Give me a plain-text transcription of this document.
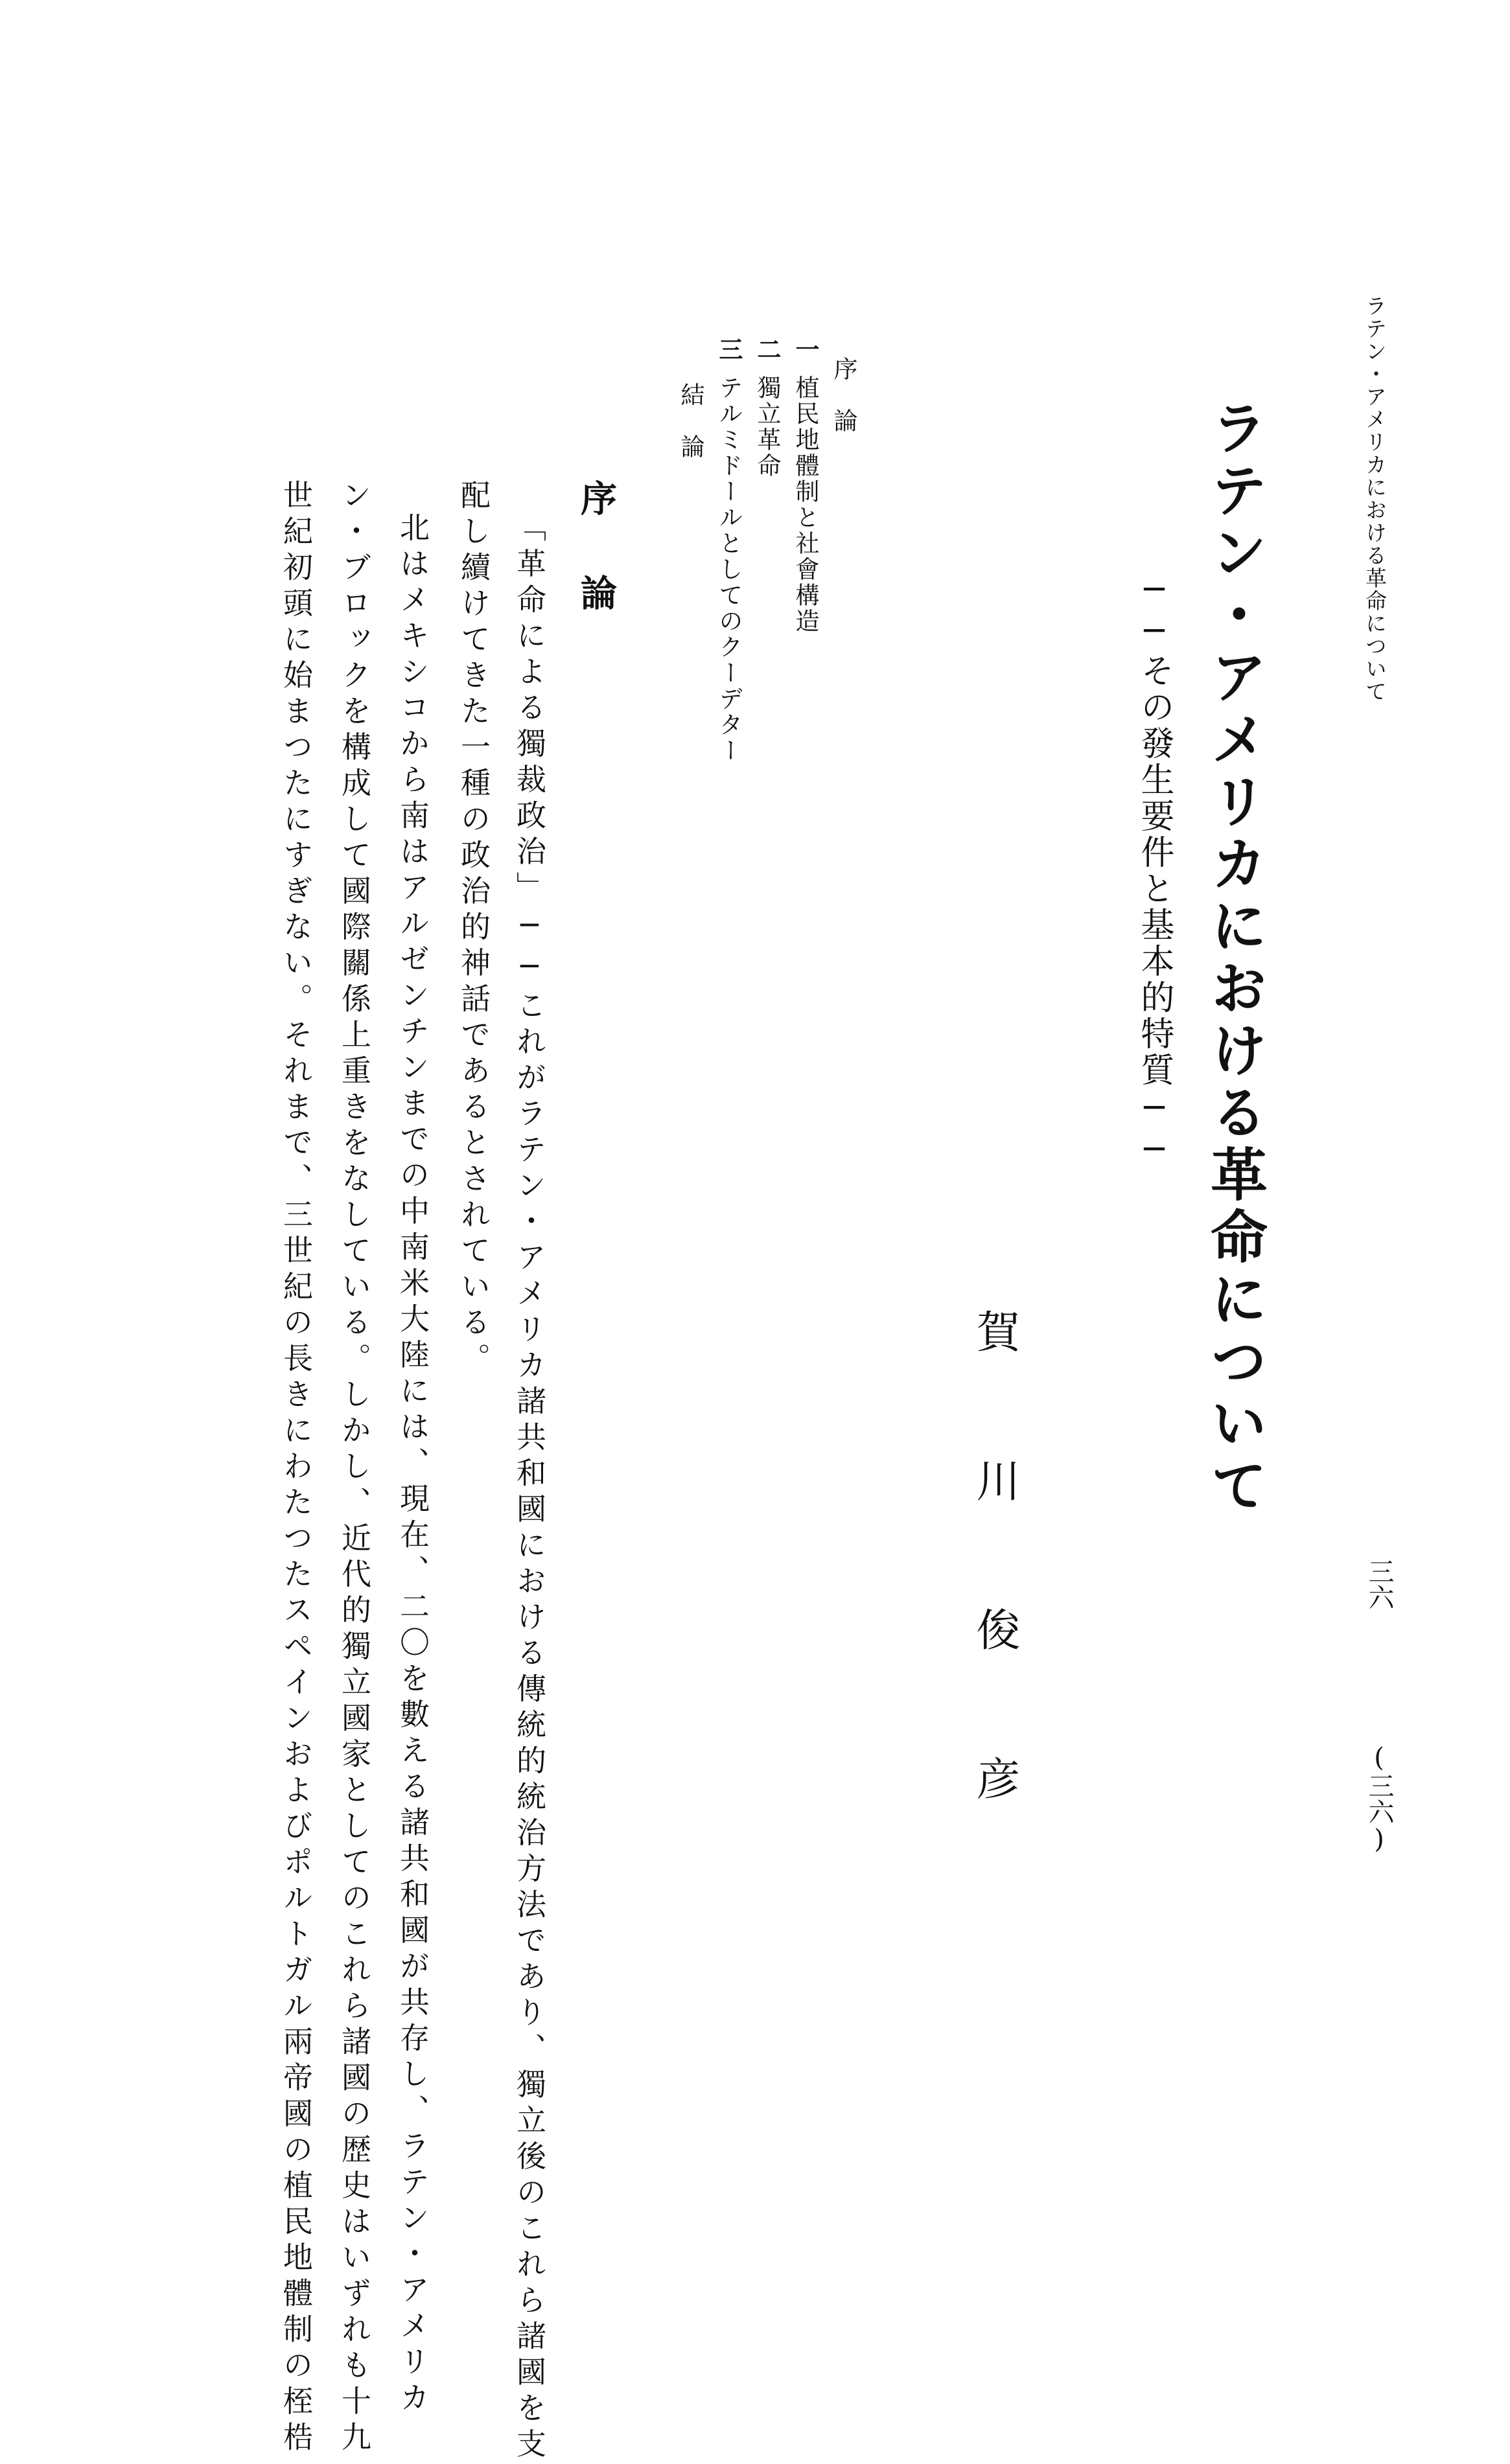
ラテン・アメリカにおける革命について
三六
(三六)
ラテン・アメリカにおける革命について
──その發生要件と基本的特質──
賀
川
俊
彦
序　論
一
植民地體制と社會構造
二
獨立革命
三
テルミドールとしてのクーデター
結　論
序論

「革命による獨裁政治」──これがラテン・アメリカ諸共和國における傳統的統治方法であり、獨立後のこれら諸國を支

配し續けてきた一種の政治的神話であるとされている。

北はメキシコから南はアルゼンチンまでの中南米大陸には、現在、二〇を數える諸共和國が共存し、ラテン・アメリカ

ン・ブロックを構成して國際關係上重きをなしている。しかし、近代的獨立國家としてのこれら諸國の歴史はいずれも十九

世紀初頭に始まつたにすぎない。それまで、三世紀の長きにわたつたスペインおよびポルトガル兩帝國の植民地體制の桎梏
